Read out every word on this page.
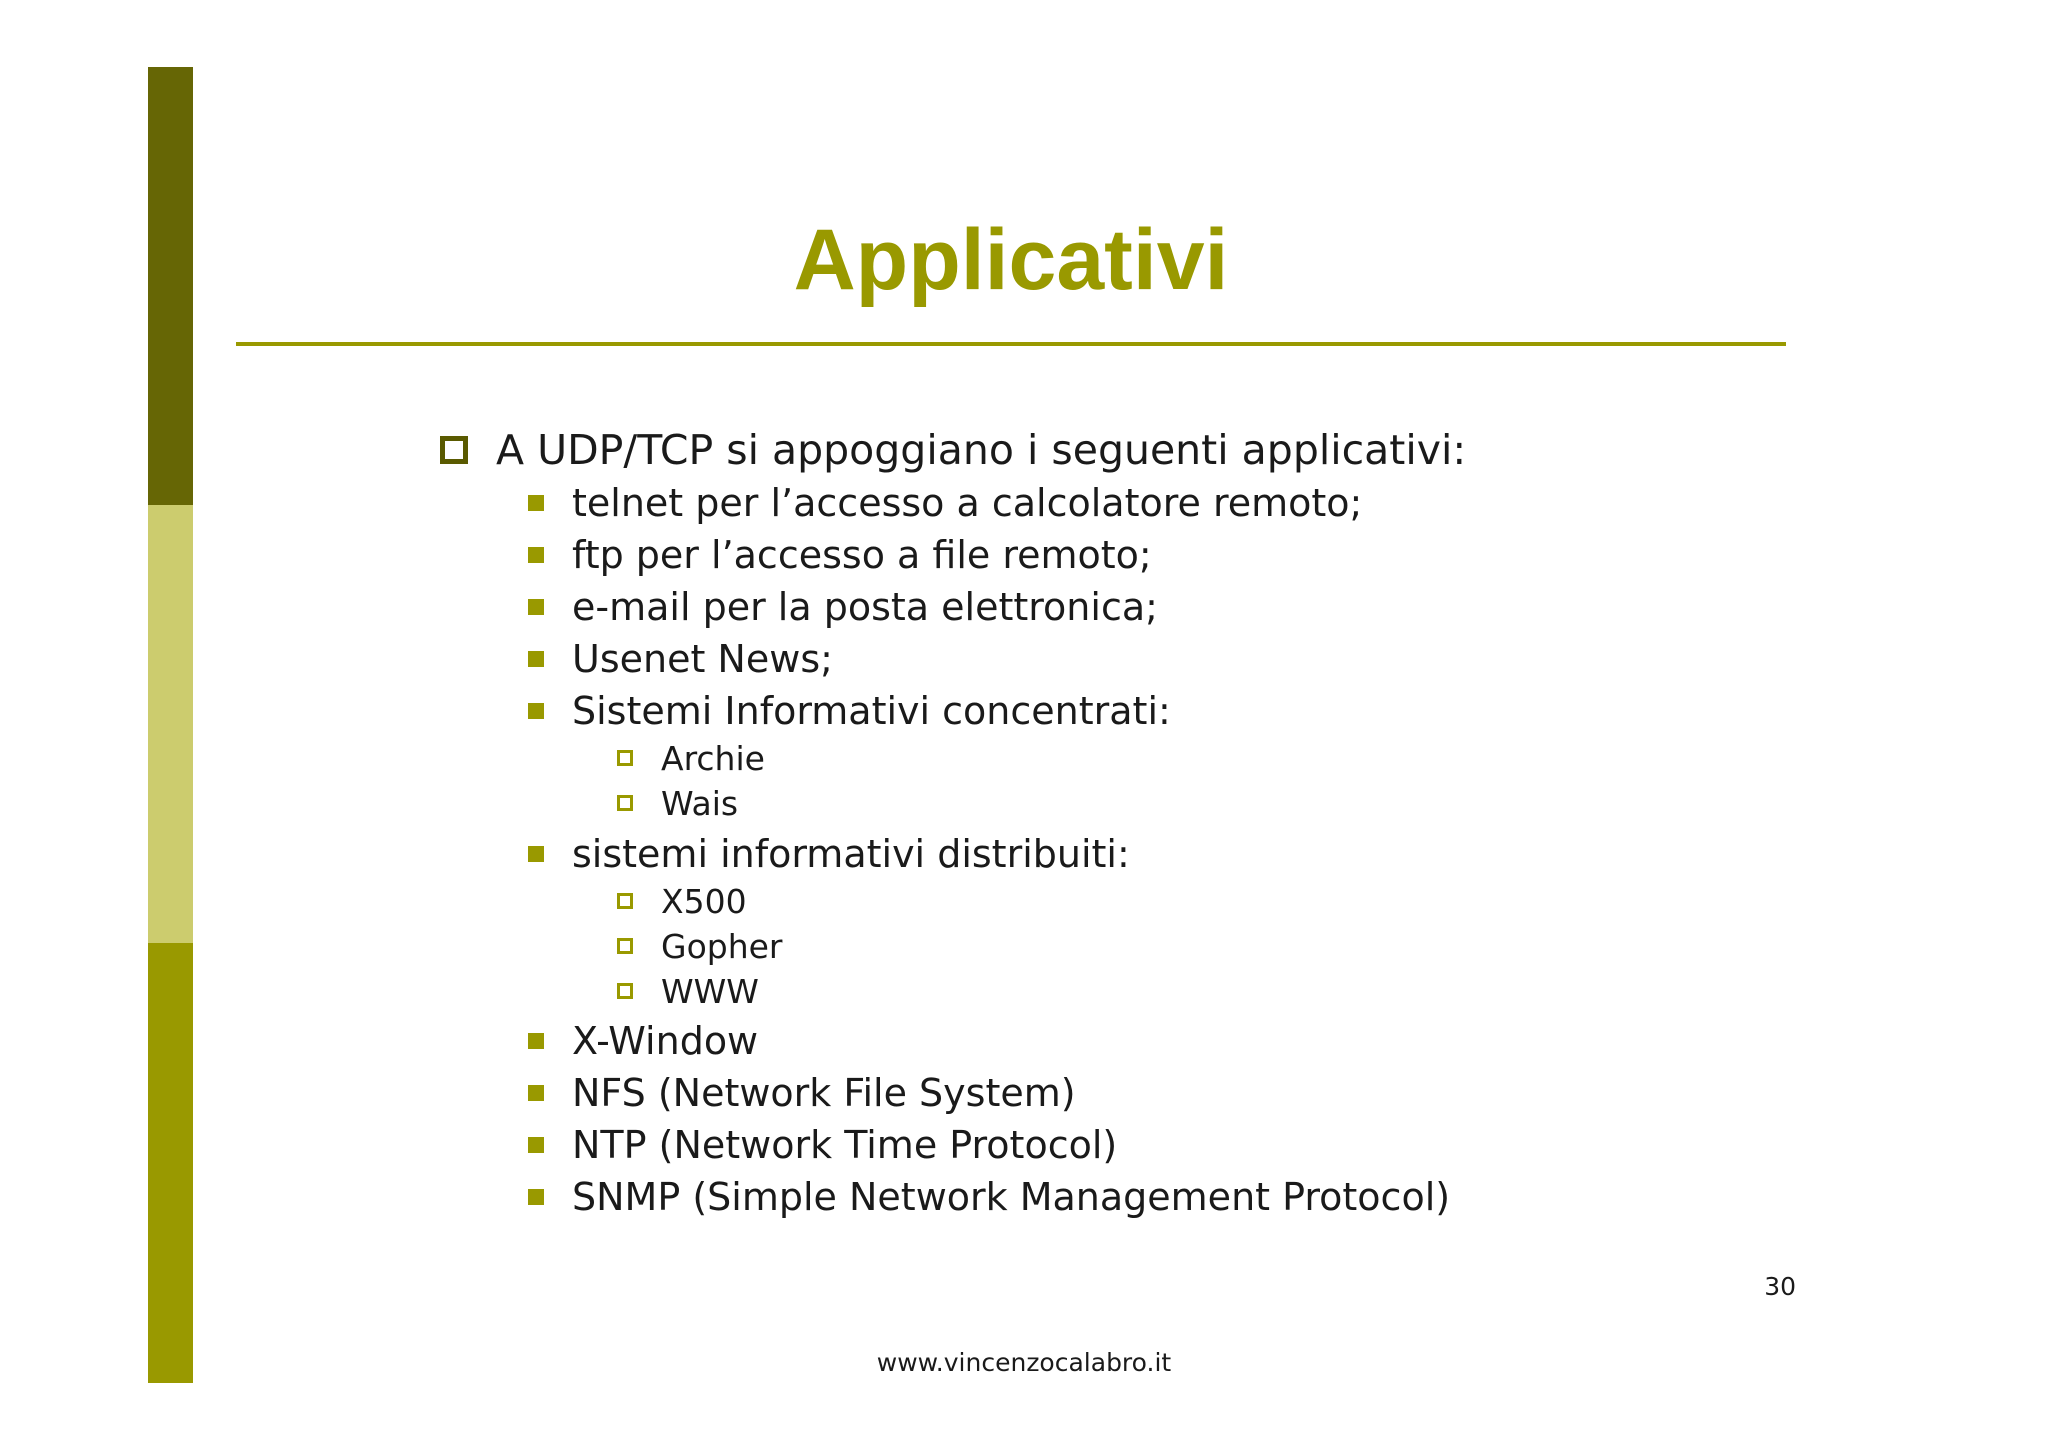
Applicativi
A UDP/TCP si appoggiano i seguenti applicativi:
telnet per l’accesso a calcolatore remoto;
ftp per l’accesso a file remoto;
e-mail per la posta elettronica;
Usenet News;
Sistemi Informativi concentrati:
Archie
Wais
sistemi informativi distribuiti:
X500
Gopher
WWW
X-Window
NFS (Network File System)
NTP (Network Time Protocol)
SNMP (Simple Network Management Protocol)
30
www.vincenzocalabro.it
